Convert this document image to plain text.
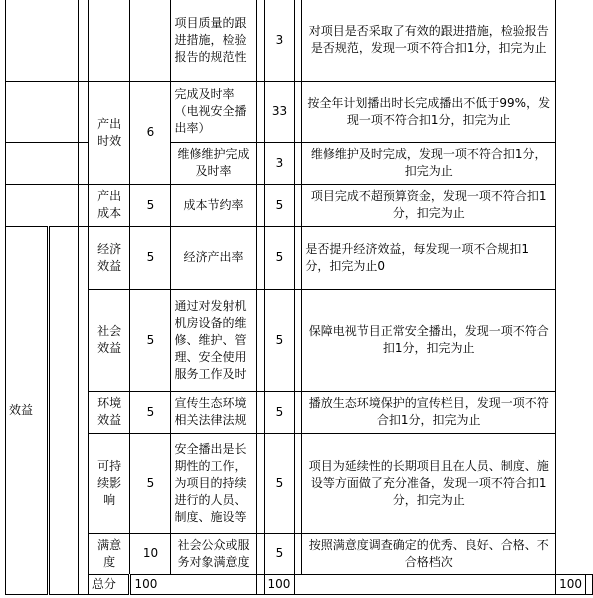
					项目质量的跟进措施，检验报告的规范性		3		对项目是否采取了有效的跟进措施，检验报告是否规范，发现一项不符合扣1分，扣完为止		
			产出时效	6	完成及时率（电视安全播出率）		33		按全年计划播出时长完成播出不低于99%，发现一项不符合扣1分，扣完为止		
					维修维护完成及时率		3		维修维护及时完成，发现一项不符合扣1分，扣完为止		
			产出成本	5	成本节约率		5		项目完成不超预算资金，发现一项不符合扣1分，扣完为止		
效益			经济效益	5	经济产出率		5		是否提升经济效益，每发现一项不合规扣1分，扣完为止0		
			社会效益	5	通过对发射机机房设备的维修、维护、管理、安全使用服务工作及时		5		保障电视节目正常安全播出，发现一项不符合扣1分，扣完为止		
			环境效益	5	宣传生态环境相关法律法规		5		播放生态环境保护的宣传栏目，发现一项不符合扣1分，扣完为止		
			可持续影响	5	安全播出是长期性的工作，为项目的持续进行的人员、制度、施设等		5		项目为延续性的长期项目且在人员、制度、施设等方面做了充分准备，发现一项不符合扣1分，扣完为止		
			满意度	10	社会公众或服务对象满意度		5		按照满意度调查确定的优秀、良好、合格、不合格档次		
			总分	100			100			100	
